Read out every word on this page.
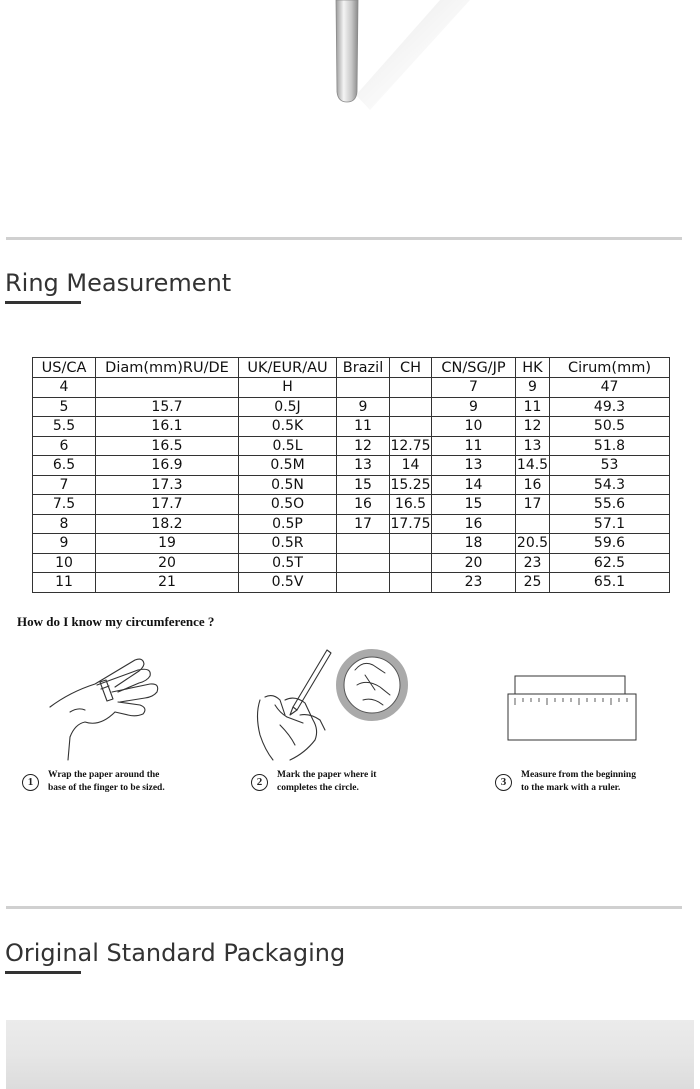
Ring Measurement
US/CA	Diam(mm)RU/DE	UK/EUR/AU	Brazil	CH	CN/SG/JP	HK	Cirum(mm)
4		H			7	9	47
5	15.7	0.5J	9		9	11	49.3
5.5	16.1	0.5K	11		10	12	50.5
6	16.5	0.5L	12	12.75	11	13	51.8
6.5	16.9	0.5M	13	14	13	14.5	53
7	17.3	0.5N	15	15.25	14	16	54.3
7.5	17.7	0.5O	16	16.5	15	17	55.6
8	18.2	0.5P	17	17.75	16		57.1
9	19	0.5R			18	20.5	59.6
10	20	0.5T			20	23	62.5
11	21	0.5V			23	25	65.1

How do I know my circumference ?

1
Wrap the paper around the
base of the finger to be sized.	2
Mark the paper where it
completes the circle.	3
Measure from the beginning
to the mark with a ruler.
Original Standard Packaging
